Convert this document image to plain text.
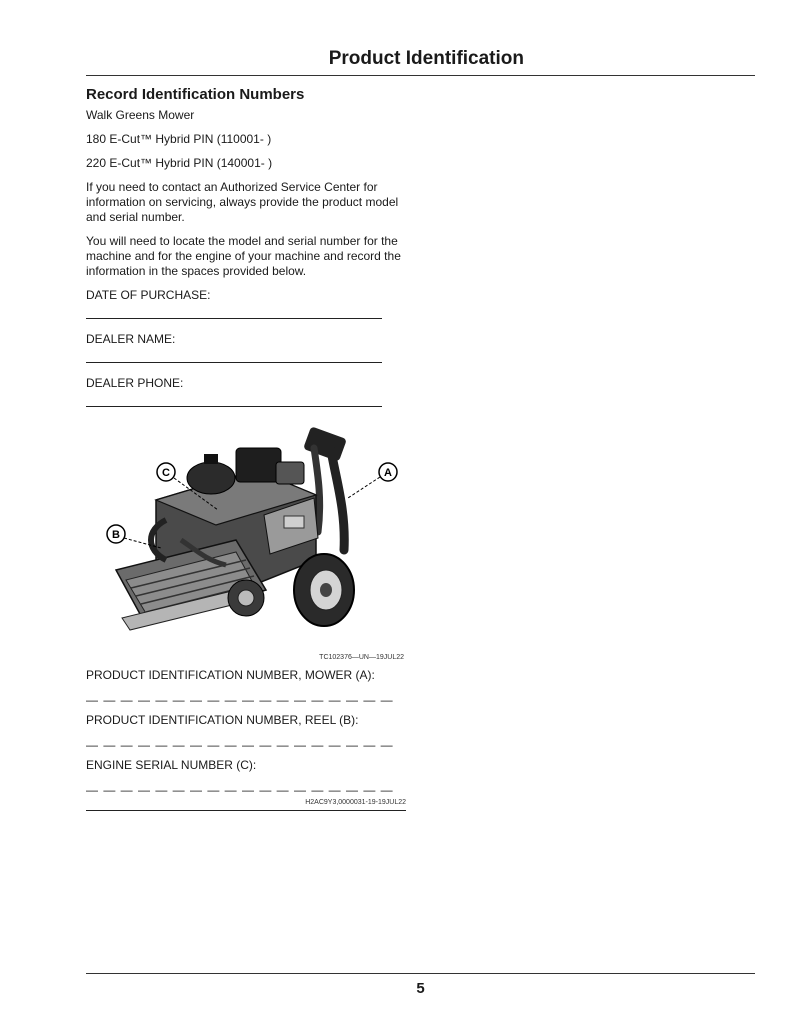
Product Identification
Record Identification Numbers

Walk Greens Mower

180 E-Cut™ Hybrid PIN (110001- )

220 E-Cut™ Hybrid PIN (140001- )

If you need to contact an Authorized Service Center for information on servicing, always provide the product model and serial number.

You will need to locate the model and serial number for the machine and for the engine of your machine and record the information in the spaces provided below.

DATE OF PURCHASE:

DEALER NAME:

DEALER PHONE:

A
B
C
TC102376—UN—19JUL22

PRODUCT IDENTIFICATION NUMBER, MOWER (A):

— — — — — — — — — — — — — — — — — —

PRODUCT IDENTIFICATION NUMBER, REEL (B):

— — — — — — — — — — — — — — — — — —

ENGINE SERIAL NUMBER (C):

— — — — — — — — — — — — — — — — — —
H2AC9Y3,0000031-19-19JUL22
5
